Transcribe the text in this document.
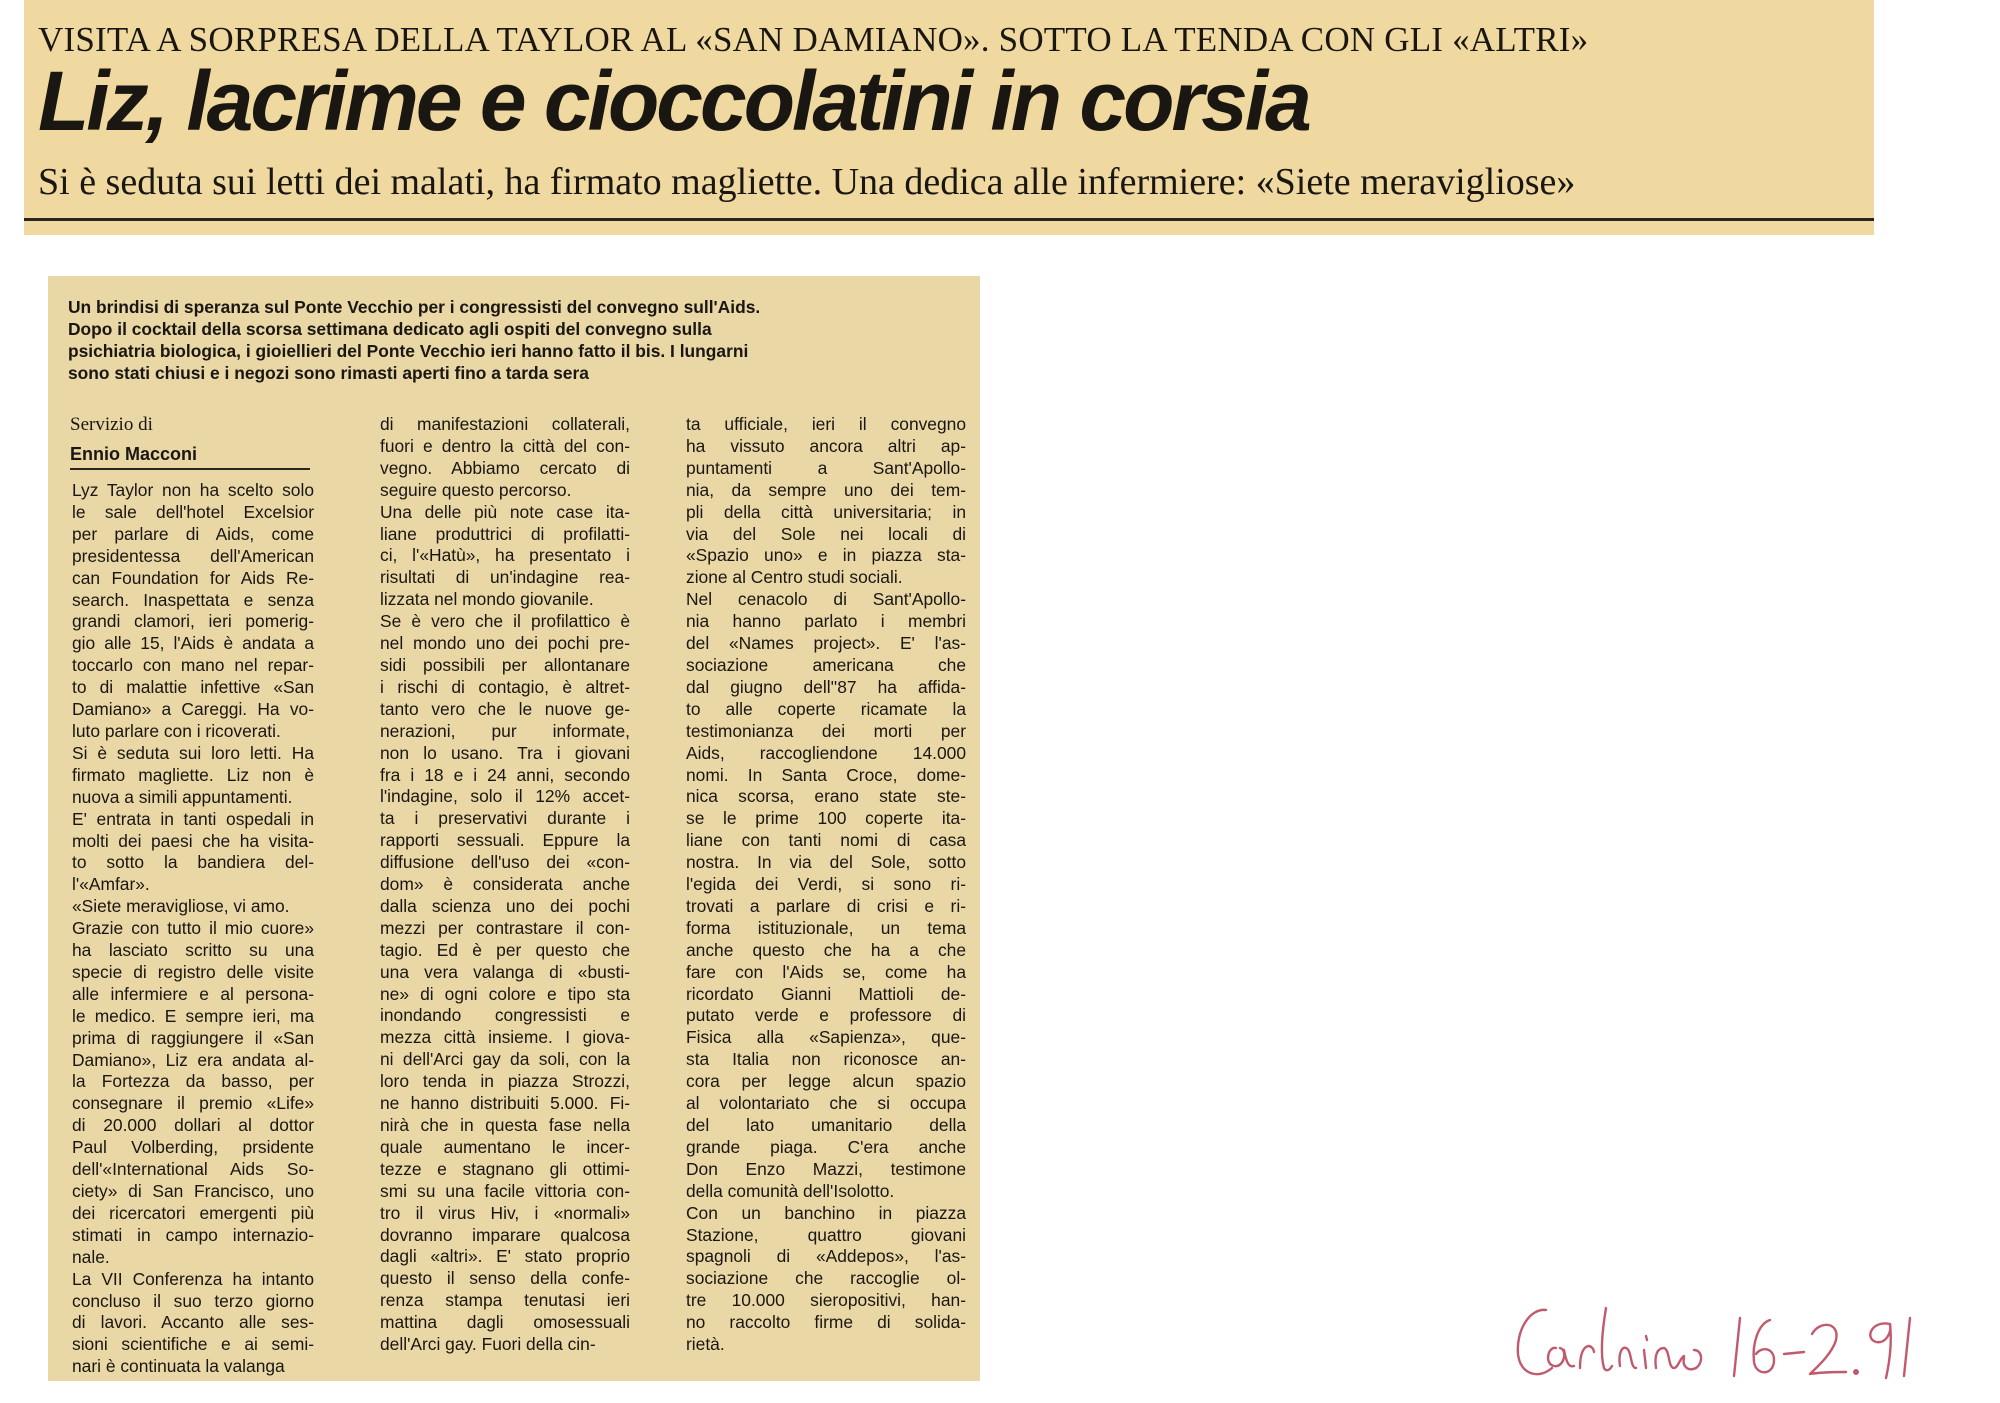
VISITA A SORPRESA DELLA TAYLOR AL «SAN DAMIANO». SOTTO LA TENDA CON GLI «ALTRI»
Liz, lacrime e cioccolatini in corsia
Si è seduta sui letti dei malati, ha firmato magliette. Una dedica alle infermiere: «Siete meravigliose»
Un brindisi di speranza sul Ponte Vecchio per i congressisti del convegno sull'Aids.
Dopo il cocktail della scorsa settimana dedicato agli ospiti del convegno sulla
psichiatria biologica, i gioiellieri del Ponte Vecchio ieri hanno fatto il bis. I lungarni
sono stati chiusi e i negozi sono rimasti aperti fino a tarda sera
Servizio di
Ennio Macconi
Lyz Taylor non ha scelto solo
le sale dell'hotel Excelsior
per parlare di Aids, come
presidentessa dell'American
can Foundation for Aids Re-
search. Inaspettata e senza
grandi clamori, ieri pomerig-
gio alle 15, l'Aids è andata a
toccarlo con mano nel repar-
to di malattie infettive «San
Damiano» a Careggi. Ha vo-
luto parlare con i ricoverati.
Si è seduta sui loro letti. Ha
firmato magliette. Liz non è
nuova a simili appuntamenti.
E' entrata in tanti ospedali in
molti dei paesi che ha visita-
to sotto la bandiera del-
l'«Amfar».
«Siete meravigliose, vi amo.
Grazie con tutto il mio cuore»
ha lasciato scritto su una
specie di registro delle visite
alle infermiere e al persona-
le medico. E sempre ieri, ma
prima di raggiungere il «San
Damiano», Liz era andata al-
la Fortezza da basso, per
consegnare il premio «Life»
di 20.000 dollari al dottor
Paul Volberding, prsidente
dell'«International Aids So-
ciety» di San Francisco, uno
dei ricercatori emergenti più
stimati in campo internazio-
nale.
La VII Conferenza ha intanto
concluso il suo terzo giorno
di lavori. Accanto alle ses-
sioni scientifiche e ai semi-
nari è continuata la valanga
di manifestazioni collaterali,
fuori e dentro la città del con-
vegno. Abbiamo cercato di
seguire questo percorso.
Una delle più note case ita-
liane produttrici di profilatti-
ci, l'«Hatù», ha presentato i
risultati di un'indagine rea-
lizzata nel mondo giovanile.
Se è vero che il profilattico è
nel mondo uno dei pochi pre-
sidi possibili per allontanare
i rischi di contagio, è altret-
tanto vero che le nuove ge-
nerazioni, pur informate,
non lo usano. Tra i giovani
fra i 18 e i 24 anni, secondo
l'indagine, solo il 12% accet-
ta i preservativi durante i
rapporti sessuali. Eppure la
diffusione dell'uso dei «con-
dom» è considerata anche
dalla scienza uno dei pochi
mezzi per contrastare il con-
tagio. Ed è per questo che
una vera valanga di «busti-
ne» di ogni colore e tipo sta
inondando congressisti e
mezza città insieme. I giova-
ni dell'Arci gay da soli, con la
loro tenda in piazza Strozzi,
ne hanno distribuiti 5.000. Fi-
nirà che in questa fase nella
quale aumentano le incer-
tezze e stagnano gli ottimi-
smi su una facile vittoria con-
tro il virus Hiv, i «normali»
dovranno imparare qualcosa
dagli «altri». E' stato proprio
questo il senso della confe-
renza stampa tenutasi ieri
mattina dagli omosessuali
dell'Arci gay. Fuori della cin-
ta ufficiale, ieri il convegno
ha vissuto ancora altri ap-
puntamenti a Sant'Apollo-
nia, da sempre uno dei tem-
pli della città universitaria; in
via del Sole nei locali di
«Spazio uno» e in piazza sta-
zione al Centro studi sociali.
Nel cenacolo di Sant'Apollo-
nia hanno parlato i membri
del «Names project». E' l'as-
sociazione americana che
dal giugno dell''87 ha affida-
to alle coperte ricamate la
testimonianza dei morti per
Aids, raccogliendone 14.000
nomi. In Santa Croce, dome-
nica scorsa, erano state ste-
se le prime 100 coperte ita-
liane con tanti nomi di casa
nostra. In via del Sole, sotto
l'egida dei Verdi, si sono ri-
trovati a parlare di crisi e ri-
forma istituzionale, un tema
anche questo che ha a che
fare con l'Aids se, come ha
ricordato Gianni Mattioli de-
putato verde e professore di
Fisica alla «Sapienza», que-
sta Italia non riconosce an-
cora per legge alcun spazio
al volontariato che si occupa
del lato umanitario della
grande piaga. C'era anche
Don Enzo Mazzi, testimone
della comunità dell'Isolotto.
Con un banchino in piazza
Stazione, quattro giovani
spagnoli di «Addepos», l'as-
sociazione che raccoglie ol-
tre 10.000 sieropositivi, han-
no raccolto firme di solida-
rietà.
